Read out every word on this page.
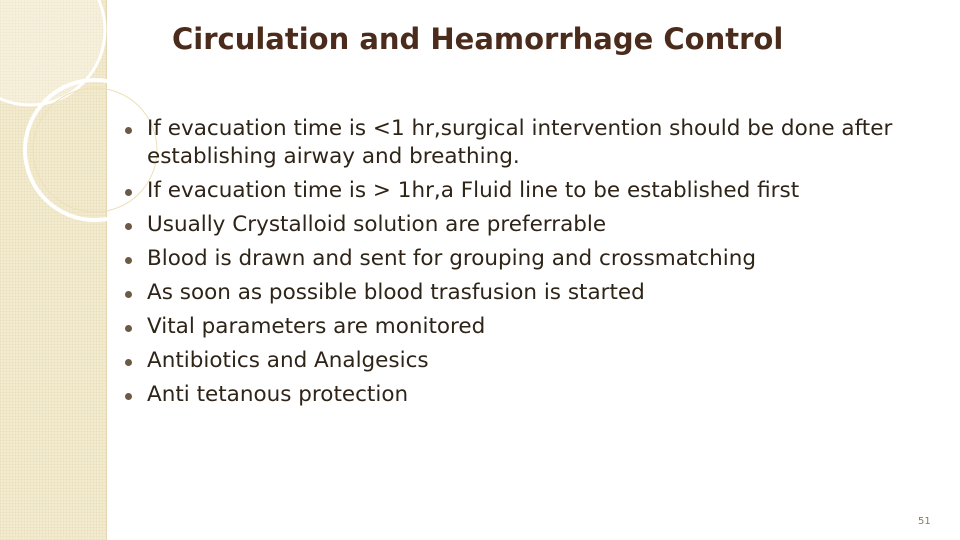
Circulation and Heamorrhage Control
If evacuation time is <1 hr,surgical intervention should be done after establishing airway and breathing.
If evacuation time is > 1hr,a Fluid line to be established first
Usually Crystalloid solution are preferrable
Blood is drawn and sent for grouping and crossmatching
As soon as possible blood trasfusion is started
Vital parameters are monitored
Antibiotics and Analgesics
Anti tetanous protection
51
